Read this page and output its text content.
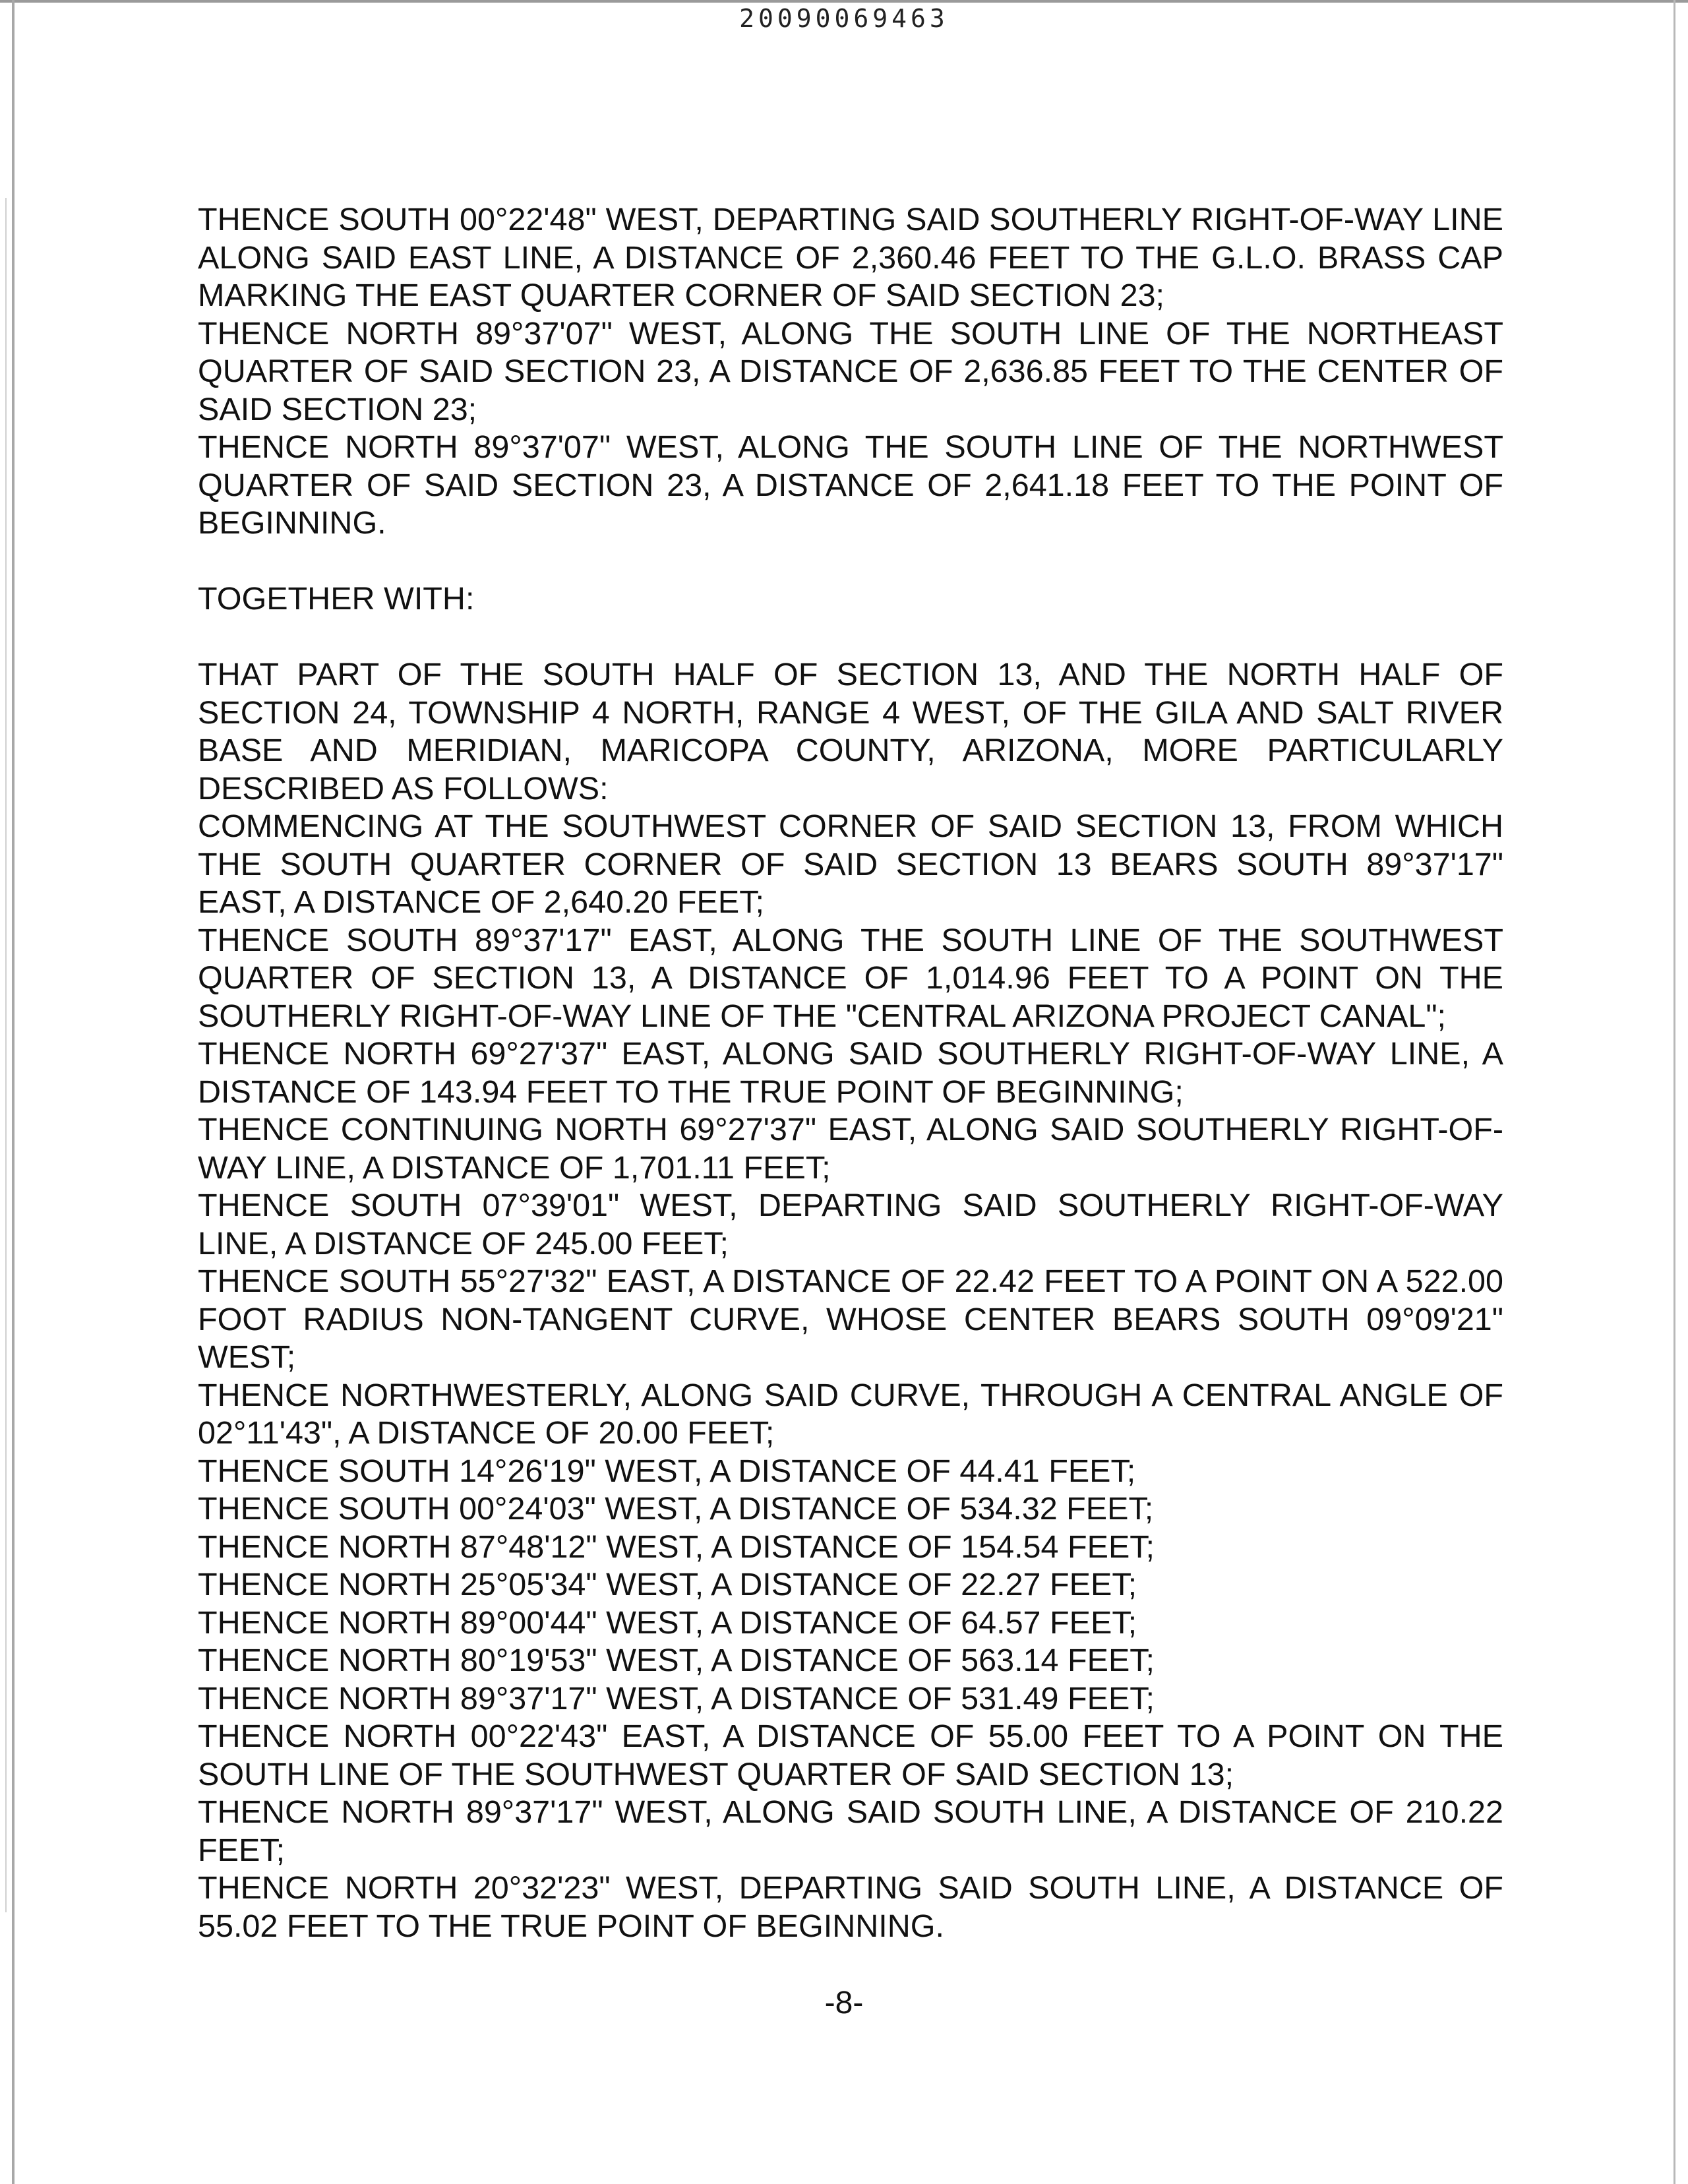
20090069463

THENCE SOUTH 00°22'48" WEST, DEPARTING SAID SOUTHERLY RIGHT-OF-WAY LINE ALONG SAID EAST LINE, A DISTANCE OF 2,360.46 FEET TO THE G.L.O. BRASS CAP MARKING THE EAST QUARTER CORNER OF SAID SECTION 23;

THENCE NORTH 89°37'07" WEST, ALONG THE SOUTH LINE OF THE NORTHEAST QUARTER OF SAID SECTION 23, A DISTANCE OF 2,636.85 FEET TO THE CENTER OF SAID SECTION 23;

THENCE NORTH 89°37'07" WEST, ALONG THE SOUTH LINE OF THE NORTHWEST QUARTER OF SAID SECTION 23, A DISTANCE OF 2,641.18 FEET TO THE POINT OF BEGINNING.

TOGETHER WITH:

THAT PART OF THE SOUTH HALF OF SECTION 13, AND THE NORTH HALF OF SECTION 24, TOWNSHIP 4 NORTH, RANGE 4 WEST, OF THE GILA AND SALT RIVER BASE AND MERIDIAN, MARICOPA COUNTY, ARIZONA, MORE PARTICULARLY DESCRIBED AS FOLLOWS:

COMMENCING AT THE SOUTHWEST CORNER OF SAID SECTION 13, FROM WHICH THE SOUTH QUARTER CORNER OF SAID SECTION 13 BEARS SOUTH 89°37'17" EAST, A DISTANCE OF 2,640.20 FEET;

THENCE SOUTH 89°37'17" EAST, ALONG THE SOUTH LINE OF THE SOUTHWEST QUARTER OF SECTION 13, A DISTANCE OF 1,014.96 FEET TO A POINT ON THE SOUTHERLY RIGHT-OF-WAY LINE OF THE "CENTRAL ARIZONA PROJECT CANAL";

THENCE NORTH 69°27'37" EAST, ALONG SAID SOUTHERLY RIGHT-OF-WAY LINE, A DISTANCE OF 143.94 FEET TO THE TRUE POINT OF BEGINNING;

THENCE CONTINUING NORTH 69°27'37" EAST, ALONG SAID SOUTHERLY RIGHT-OF-WAY LINE, A DISTANCE OF 1,701.11 FEET;

THENCE SOUTH 07°39'01" WEST, DEPARTING SAID SOUTHERLY RIGHT-OF-WAY LINE, A DISTANCE OF 245.00 FEET;

THENCE SOUTH 55°27'32" EAST, A DISTANCE OF 22.42 FEET TO A POINT ON A 522.00 FOOT RADIUS NON-TANGENT CURVE, WHOSE CENTER BEARS SOUTH 09°09'21" WEST;

THENCE NORTHWESTERLY, ALONG SAID CURVE, THROUGH A CENTRAL ANGLE OF 02°11'43", A DISTANCE OF 20.00 FEET;

THENCE SOUTH 14°26'19" WEST, A DISTANCE OF 44.41 FEET;

THENCE SOUTH 00°24'03" WEST, A DISTANCE OF 534.32 FEET;

THENCE NORTH 87°48'12" WEST, A DISTANCE OF 154.54 FEET;

THENCE NORTH 25°05'34" WEST, A DISTANCE OF 22.27 FEET;

THENCE NORTH 89°00'44" WEST, A DISTANCE OF 64.57 FEET;

THENCE NORTH 80°19'53" WEST, A DISTANCE OF 563.14 FEET;

THENCE NORTH 89°37'17" WEST, A DISTANCE OF 531.49 FEET;

THENCE NORTH 00°22'43" EAST, A DISTANCE OF 55.00 FEET TO A POINT ON THE SOUTH LINE OF THE SOUTHWEST QUARTER OF SAID SECTION 13;

THENCE NORTH 89°37'17" WEST, ALONG SAID SOUTH LINE, A DISTANCE OF 210.22 FEET;

THENCE NORTH 20°32'23" WEST, DEPARTING SAID SOUTH LINE, A DISTANCE OF 55.02 FEET TO THE TRUE POINT OF BEGINNING.

-8-
